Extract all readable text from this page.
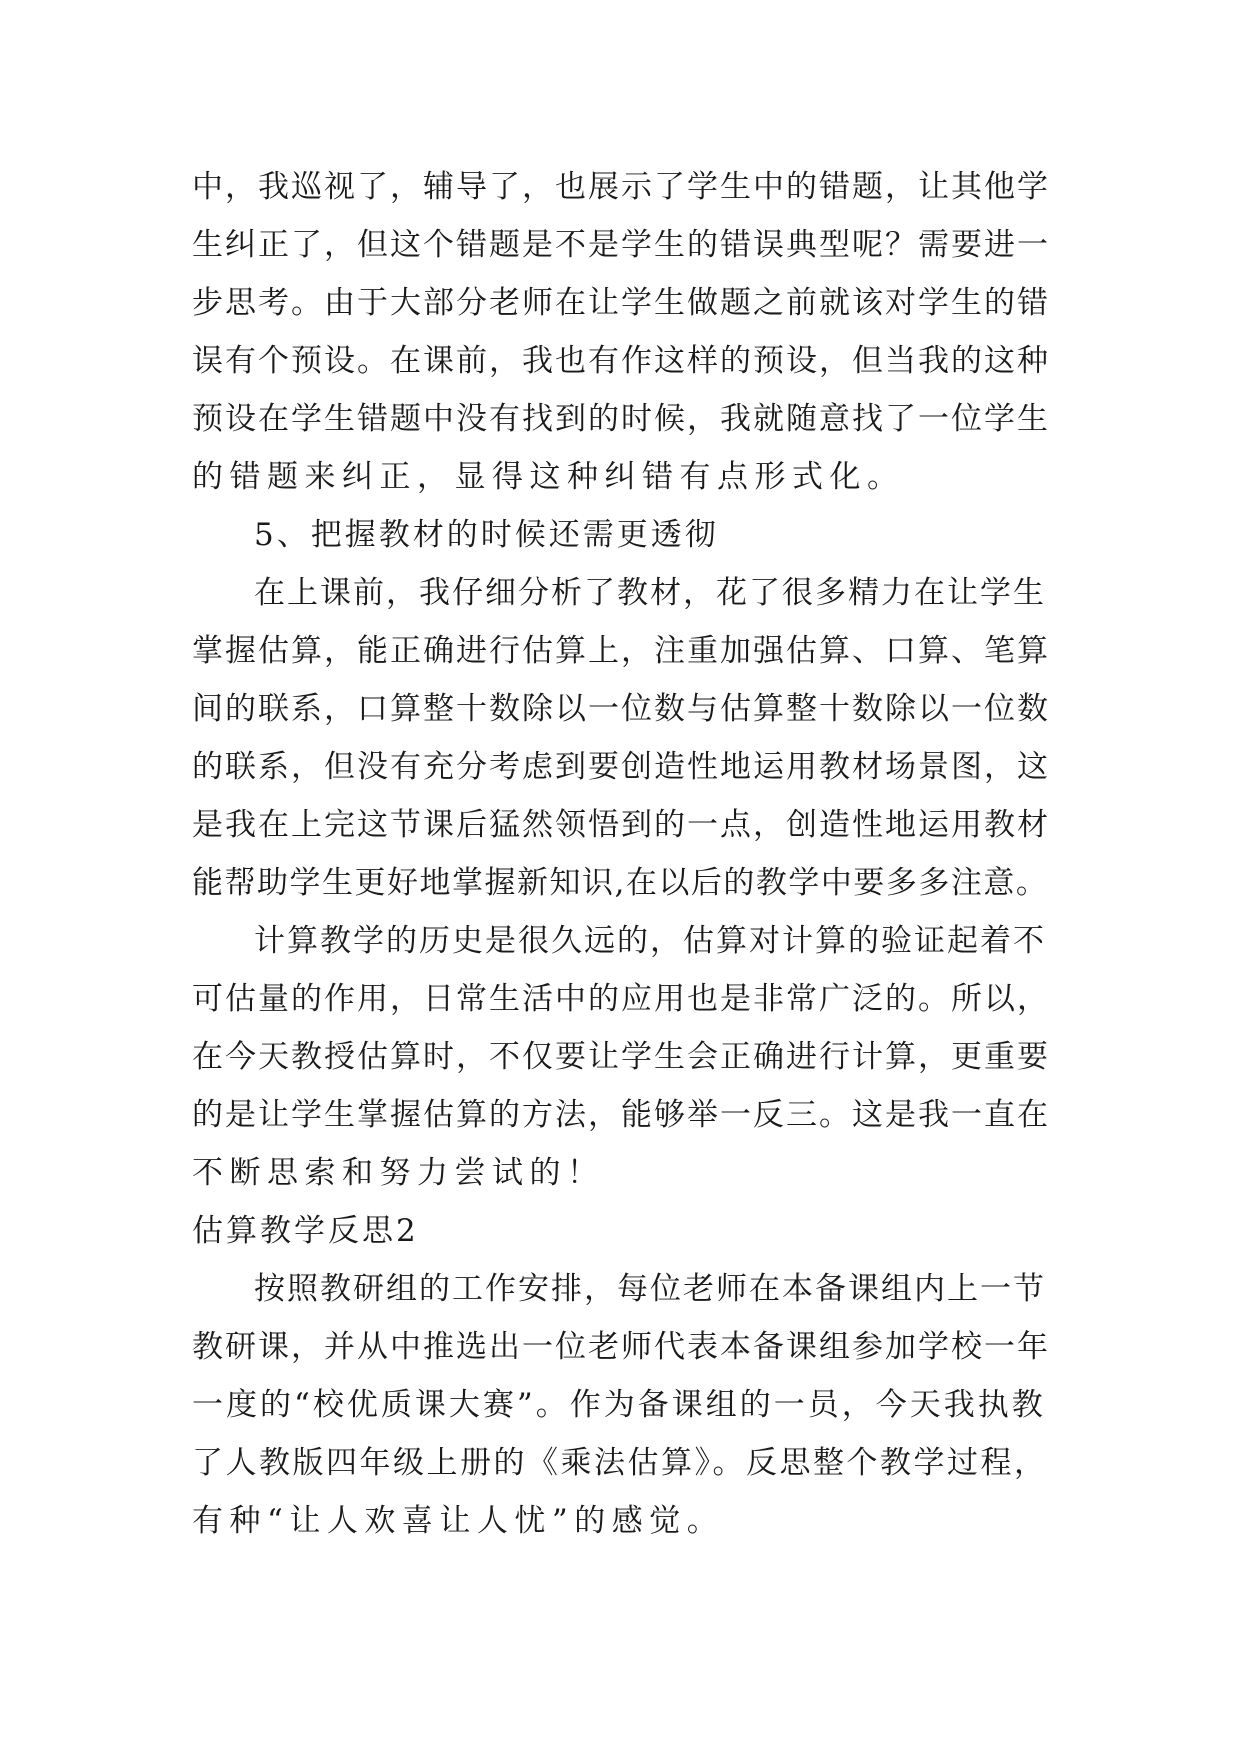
中，我巡视了，辅导了，也展示了学生中的错题，让其他学
生纠正了，但这个错题是不是学生的错误典型呢？需要进一
步思考。由于大部分老师在让学生做题之前就该对学生的错
误有个预设。在课前，我也有作这样的预设，但当我的这种
预设在学生错题中没有找到的时候，我就随意找了一位学生
的错题来纠正，显得这种纠错有点形式化。
5、把握教材的时候还需更透彻
在上课前，我仔细分析了教材，花了很多精力在让学生
掌握估算，能正确进行估算上，注重加强估算、口算、笔算
间的联系，口算整十数除以一位数与估算整十数除以一位数
的联系，但没有充分考虑到要创造性地运用教材场景图，这
是我在上完这节课后猛然领悟到的一点，创造性地运用教材
能帮助学生更好地掌握新知识,在以后的教学中要多多注意。
计算教学的历史是很久远的，估算对计算的验证起着不
可估量的作用，日常生活中的应用也是非常广泛的。所以，
在今天教授估算时，不仅要让学生会正确进行计算，更重要
的是让学生掌握估算的方法，能够举一反三。这是我一直在
不断思索和努力尝试的！
估算教学反思2
按照教研组的工作安排，每位老师在本备课组内上一节
教研课，并从中推选出一位老师代表本备课组参加学校一年
一度的“校优质课大赛”。作为备课组的一员，今天我执教
了人教版四年级上册的《乘法估算》。反思整个教学过程，
有种“让人欢喜让人忧”的感觉。
